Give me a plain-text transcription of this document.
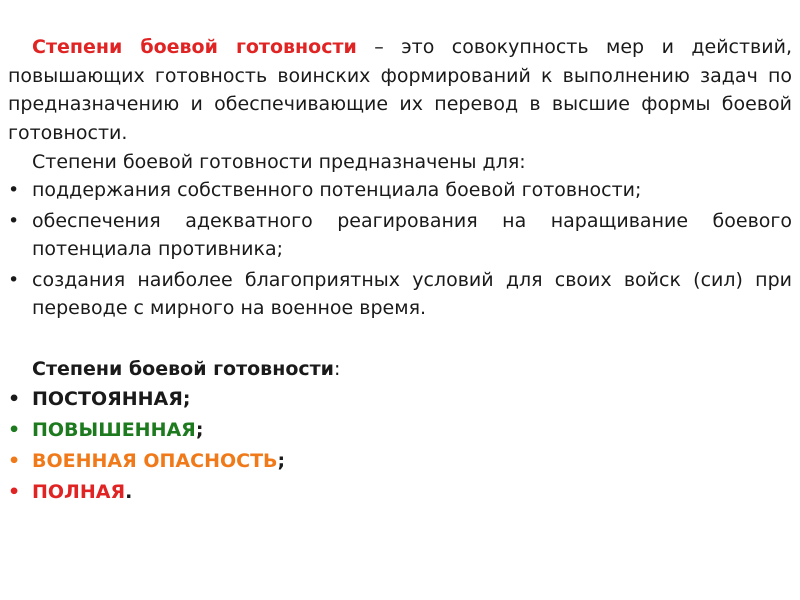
Степени боевой готовности – это совокупность мер и действий, повышающих готовность воинских формирований к выполнению задач по предназначению и обеспечивающие их перевод в высшие формы боевой готовности.

Степени боевой готовности предназначены для:

• поддержания собственного потенциала боевой готовности;
• обеспечения адекватного реагирования на наращивание боевого потенциала противника;
• создания наиболее благоприятных условий для своих войск (сил) при переводе с мирного на военное время.

Степени боевой готовности:

• ПОСТОЯННАЯ;
• ПОВЫШЕННАЯ;
• ВОЕННАЯ ОПАСНОСТЬ;
• ПОЛНАЯ.
